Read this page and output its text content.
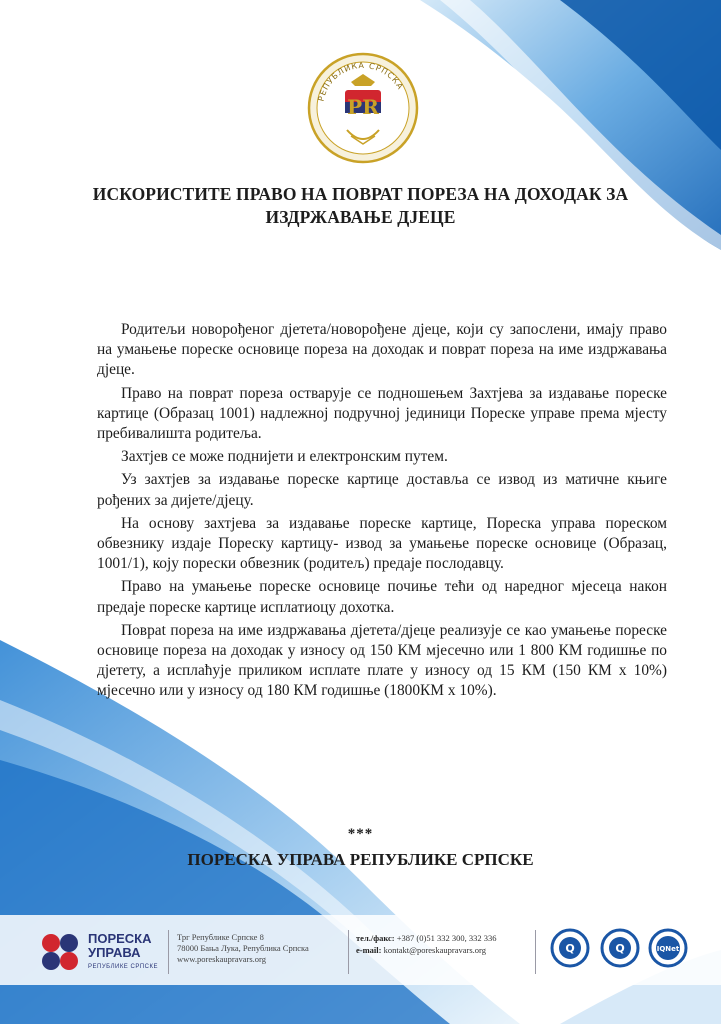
РЕПУБЛИКА СРПСКА
PR
ИСКОРИСТИТЕ ПРАВО НА ПОВРАТ ПОРЕЗА НА ДОХОДАК ЗА
ИЗДРЖАВАЊЕ ДЈЕЦЕ

Родитељи новорођеног дјетета/новорођене дјеце, који су запослени, имају право на умањење пореске основице пореза на доходак и поврат пореза на име издржавања дјеце.

Право на поврат пореза остварује се подношењем Захтјева за издавање пореске картице (Образац 1001) надлежној подручној јединици Пореске управе према мјесту пребивалишта родитеља.

Захтјев се може поднијети и електронским путем.

Уз захтјев за издавање пореске картице доставља се извод из матичне књиге рођених за дијете/дјецу.

На основу захтјева за издавање пореске картице, Пореска управа пореском обвезнику издаје Пореску картицу- извод за умањење пореске основице (Образац, 1001/1), коју порески обвезник (родитељ) предаје послодавцу.

Право на умањење пореске основице почиње тећи од наредног мјесеца након предаје пореске картице исплатиоцу дохотка.

Повраt пореза на име издржавања дјетета/дјеце реализује се као умањење пореске основице пореза на доходак у износу од 150 КМ мјесечно или 1 800 КМ годишње по дјетету, а исплаћује приликом исплате плате у износу од 15 КМ (150 КМ х 10%) мјесечно или у износу од 180 КМ годишње (1800КМ х 10%).

***
ПОРЕСКА УПРАВА РЕПУБЛИКЕ СРПСКЕ
ПОРЕСКА
УПРАВА
РЕПУБЛИКЕ СРПСКЕ
Трг Републике Српске 8
78000 Бања Лука, Република Српска
www.poreskaupravars.org
тел./факс: +387 (0)51 332 300, 332 336
e-mail: kontakt@poreskaupravars.org	Q	Q	IQNet
